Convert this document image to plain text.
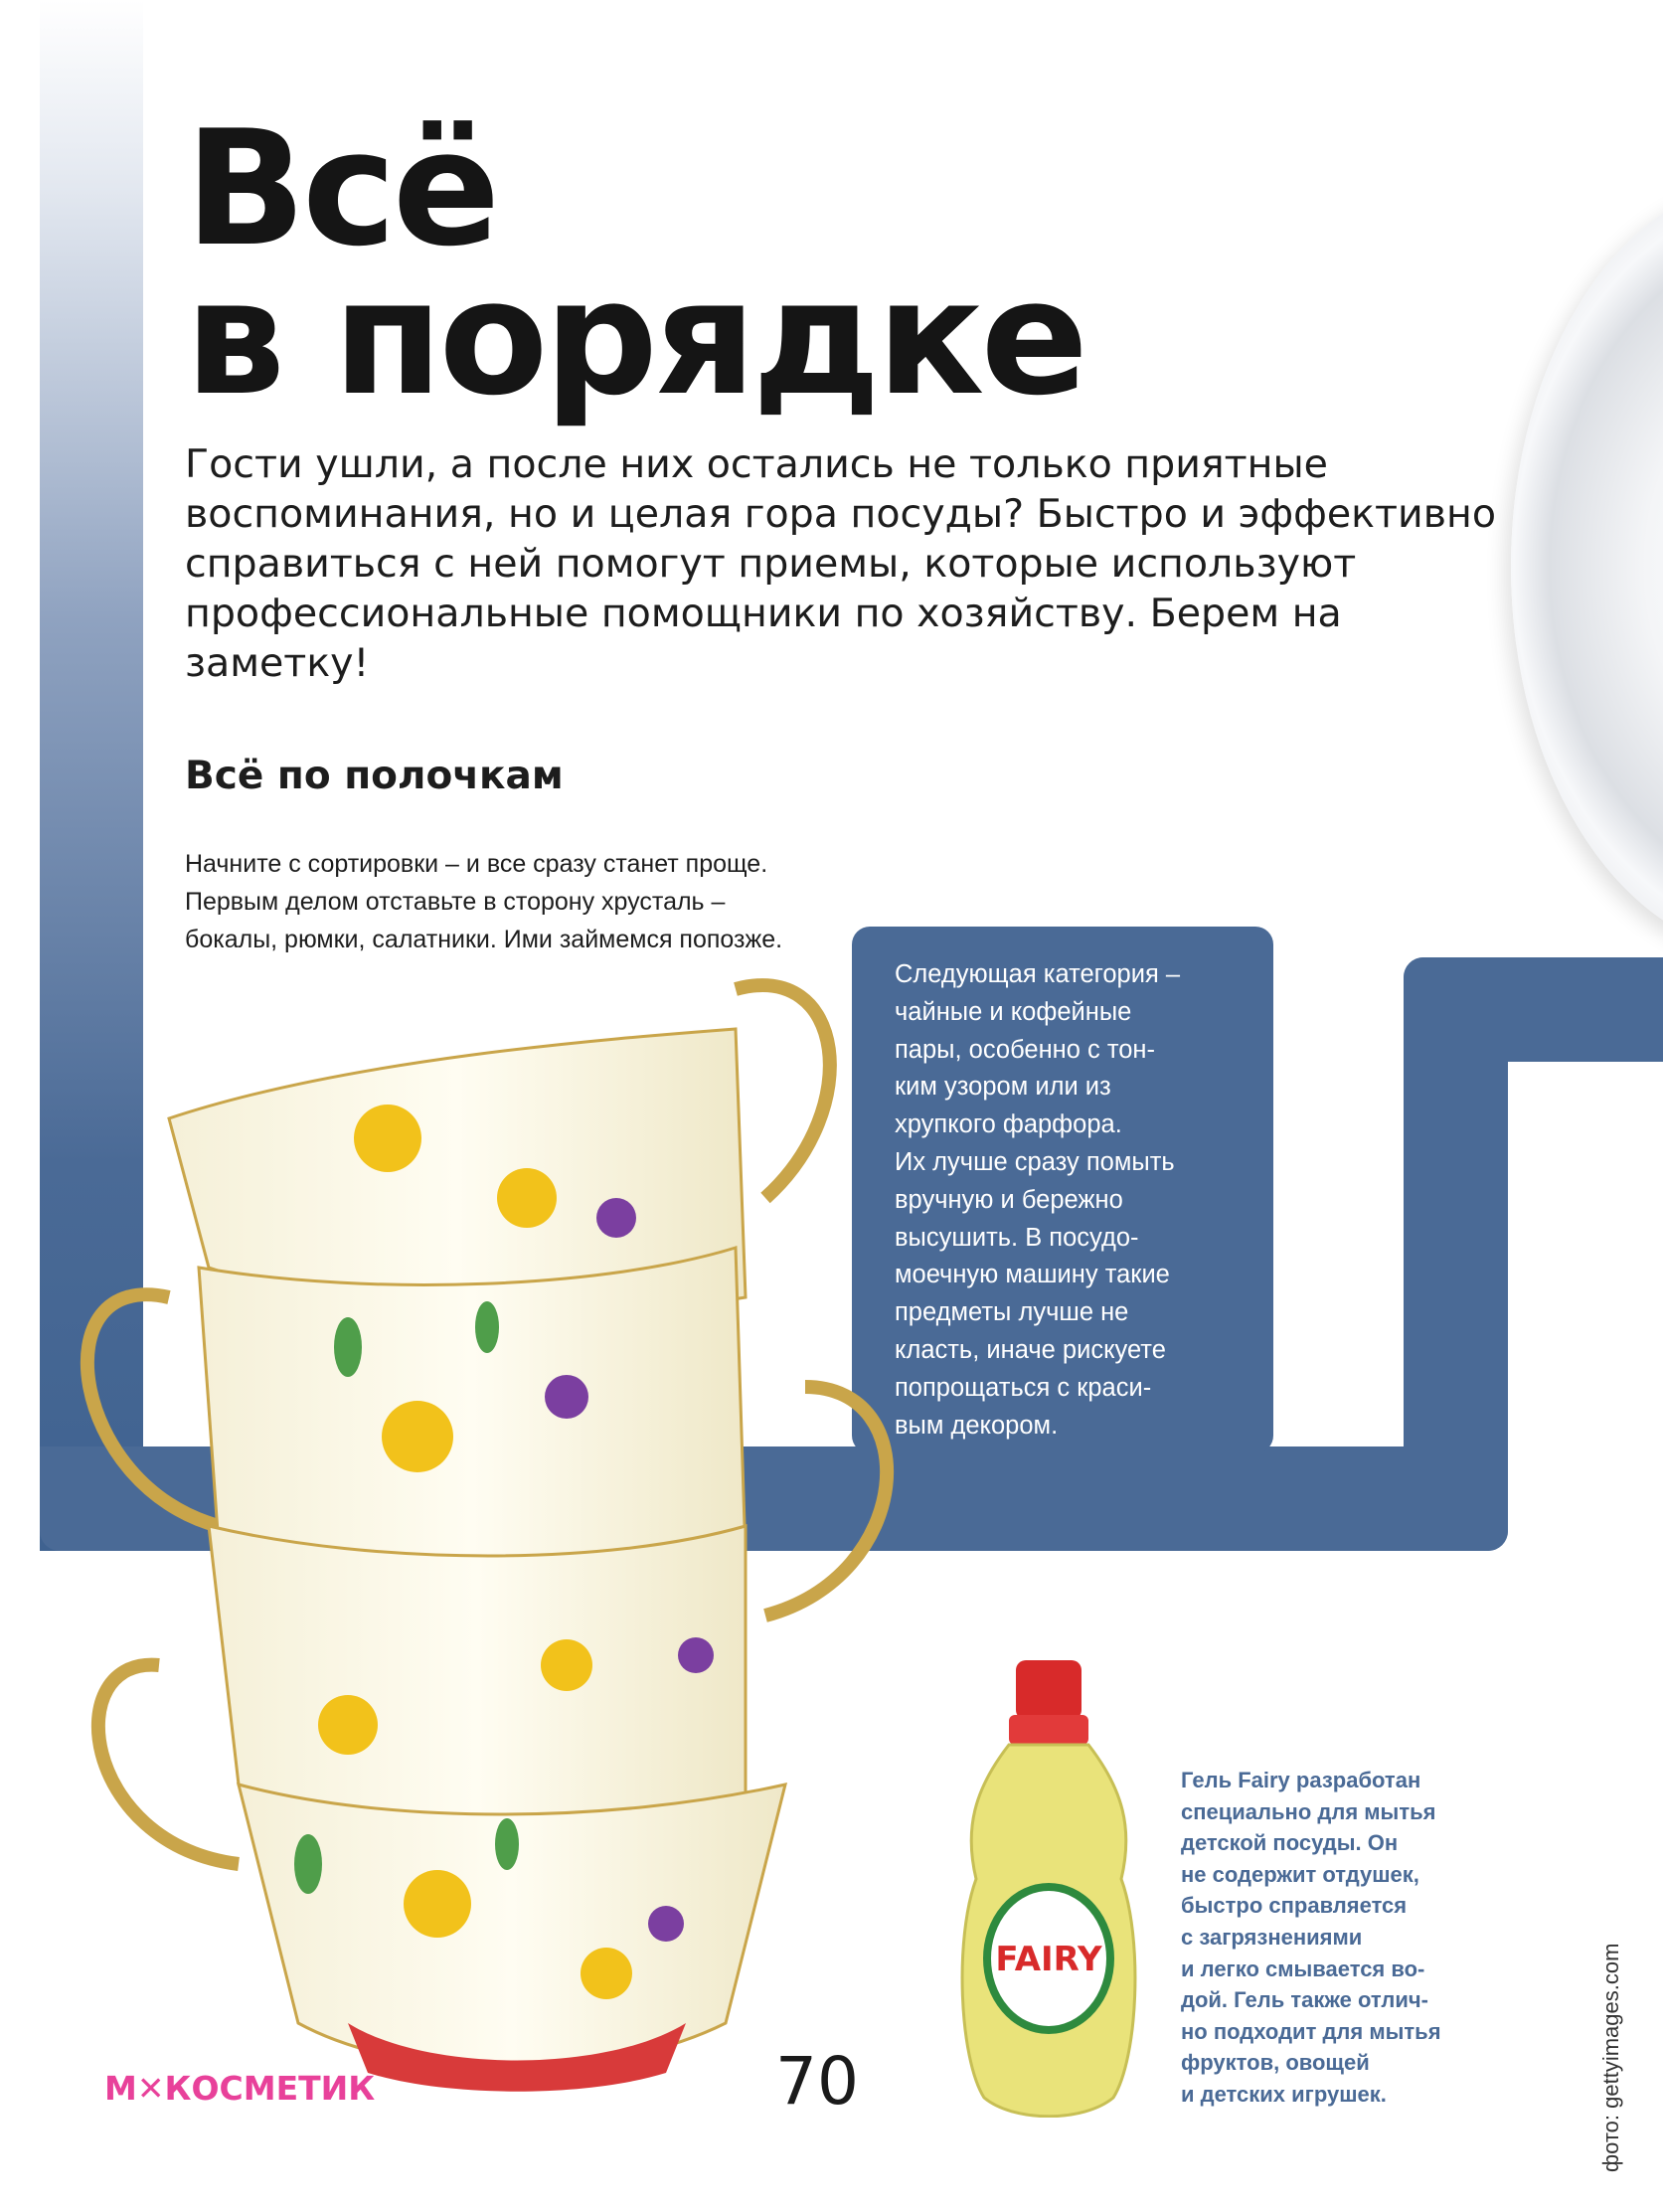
Всё
в порядке

Гости ушли, а после них остались не только приятные воспоминания, но и целая гора посуды? Быстро и эффективно справиться с ней помогут приемы, которые используют профессиональные помощники по хозяйству. Берем на заметку!

Всё по полочкам

Начните с сортировки – и все сразу станет проще. Первым делом отставьте в сторону хрусталь – бокалы, рюмки, салатники. Ими займемся попозже.

Следующая категория –
чайные и кофейные
пары, особенно с тон-
ким узором или из
хрупкого фарфора.
Их лучше сразу помыть
вручную и бережно
высушить. В посудо-
моечную машину такие
предметы лучше не
класть, иначе рискуете
попрощаться с краси-
вым декором.

FAIRY

Гель Fairy разработан
специально для мытья
детской посуды. Он
не содержит отдушек,
быстро справляется
с загрязнениями
и легко смывается во-
дой. Гель также отлич-
но подходит для мытья
фруктов, овощей
и детских игрушек.	фото: gettyimages.com

М✕КОСМЕТИК	70
